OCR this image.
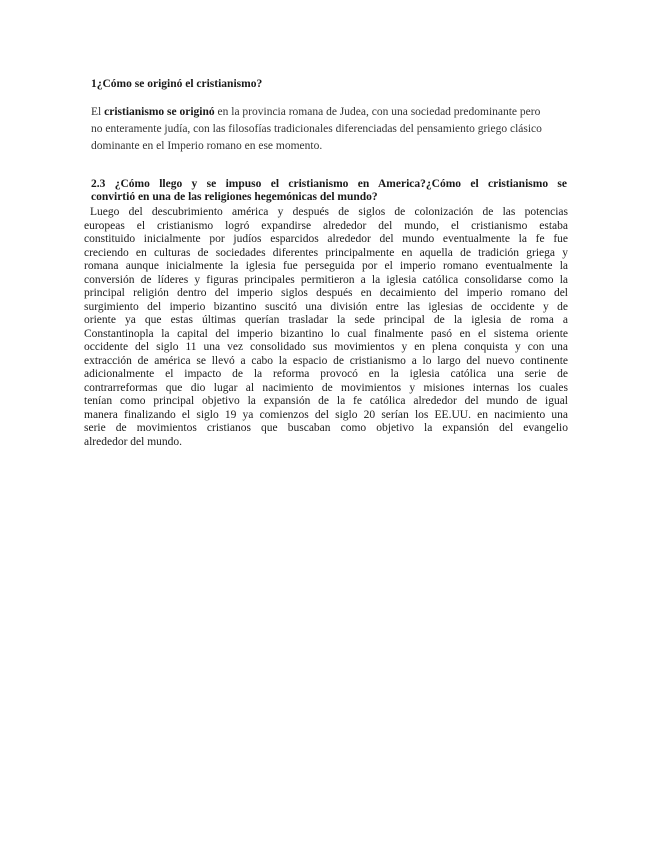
1¿Cómo se originó el cristianismo?

El cristianismo se originó en la provincia romana de Judea, con una sociedad predominante pero

no enteramente judía, con las filosofías tradicionales diferenciadas del pensamiento griego clásico

dominante en el Imperio romano en ese momento.

2.3 ¿Cómo llego y se impuso el cristianismo en America?¿Cómo el cristianismo se
convirtió en una de las religiones hegemónicas del mundo?
Luego del descubrimiento américa y después de siglos de colonización de las potencias
europeas el cristianismo logró expandirse alrededor del mundo, el cristianismo estaba
constituido inicialmente por judíos esparcidos alrededor del mundo eventualmente la fe fue
creciendo en culturas de sociedades diferentes principalmente en aquella de tradición griega y
romana aunque inicialmente la iglesia fue perseguida por el imperio romano eventualmente la
conversión de líderes y figuras principales permitieron a la iglesia católica consolidarse como la
principal religión dentro del imperio siglos después en decaimiento del imperio romano del
surgimiento del imperio bizantino suscitó una división entre las iglesias de occidente y de
oriente ya que estas últimas querían trasladar la sede principal de la iglesia de roma a
Constantinopla la capital del imperio bizantino lo cual finalmente pasó en el sistema oriente
occidente del siglo 11 una vez consolidado sus movimientos y en plena conquista y con una
extracción de américa se llevó a cabo la espacio de cristianismo a lo largo del nuevo continente
adicionalmente el impacto de la reforma provocó en la iglesia católica una serie de
contrarreformas que dio lugar al nacimiento de movimientos y misiones internas los cuales
tenían como principal objetivo la expansión de la fe católica alrededor del mundo de igual
manera finalizando el siglo 19 ya comienzos del siglo 20 serían los EE.UU. en nacimiento una
serie de movimientos cristianos que buscaban como objetivo la expansión del evangelio
alrededor del mundo.
